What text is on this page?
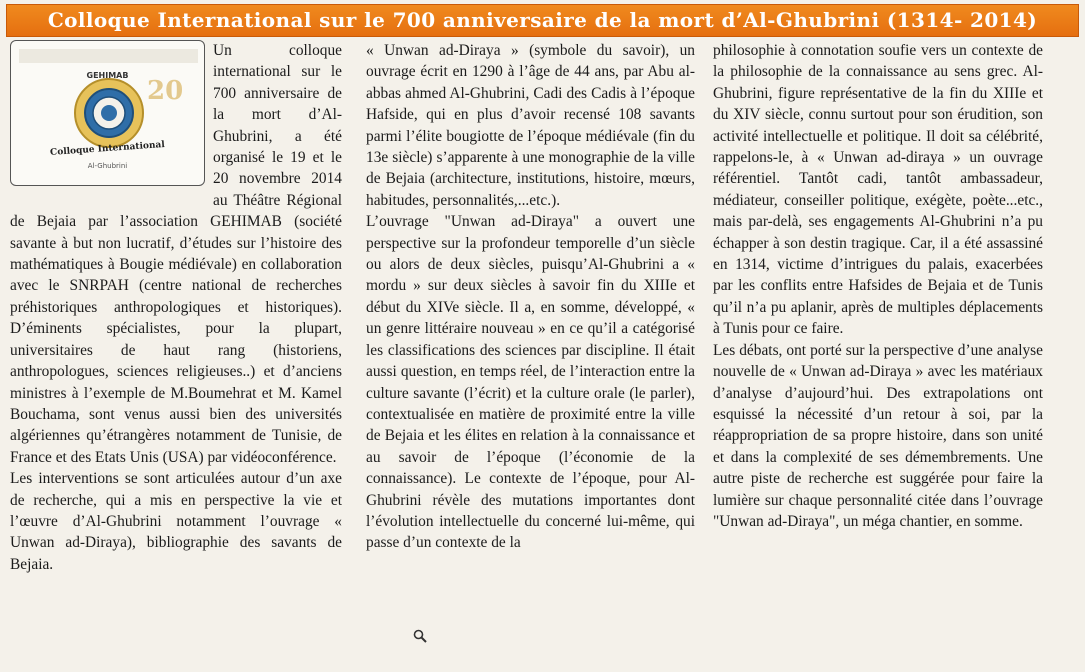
Colloque International sur le 700 anniversaire de la mort d’Al-Ghubrini (1314- 2014)
20
GEHIMAB
Colloque International
Al-Ghubrini

Un colloque international sur le 700 anniversaire de la mort d’Al-Ghubrini, a été organisé le 19 et le 20 novembre 2014 au Théâtre Régional de Bejaia par l’association GEHIMAB (société savante à but non lucratif, d’études sur l’histoire des mathématiques à Bougie médiévale) en collaboration avec le SNRPAH (centre national de recherches préhistoriques anthropologiques et historiques). D’éminents spécialistes, pour la plupart, universitaires de haut rang (historiens, anthropologues, sciences religieuses..) et d’anciens ministres à l’exemple de M.Boumehrat et M. Kamel Bouchama, sont venus aussi bien des universités algériennes qu’étrangères notamment de Tunisie, de France et des Etats Unis (USA) par vidéoconférence.

Les interventions se sont articulées autour d’un axe de recherche, qui a mis en perspective la vie et l’œuvre d’Al-Ghubrini notamment l’ouvrage « Unwan ad-Diraya), bibliographie des savants de Bejaia.

« Unwan ad-Diraya » (symbole du savoir), un ouvrage écrit en 1290 à l’âge de 44 ans, par Abu al-abbas ahmed Al-Ghubrini, Cadi des Cadis à l’époque Hafside, qui en plus d’avoir recensé 108 savants parmi l’élite bougiotte de l’époque médiévale (fin du 13e siècle) s’apparente à une monographie de la ville de Bejaia (architecture, institutions, histoire, mœurs, habitudes, personnalités,...etc.).

L’ouvrage "Unwan ad-Diraya" a ouvert une perspective sur la profondeur temporelle d’un siècle ou alors de deux siècles, puisqu’Al-Ghubrini a « mordu » sur deux siècles à savoir fin du XIIIe et début du XIVe siècle. Il a, en somme, développé, « un genre littéraire nouveau » en ce qu’il a catégorisé les classifications des sciences par discipline. Il était aussi question, en temps réel, de l’interaction entre la culture savante (l’écrit) et la culture orale (le parler), contextualisée en matière de proximité entre la ville de Bejaia et les élites en relation à la connaissance et au savoir de l’époque (l’économie de la connaissance). Le contexte de l’époque, pour Al-Ghubrini révèle des mutations importantes dont l’évolution intellectuelle du concerné lui-même, qui passe d’un contexte de la

philosophie à connotation soufie vers un contexte de la philosophie de la connaissance au sens grec. Al-Ghubrini, figure représentative de la fin du XIIIe et du XIV siècle, connu surtout pour son érudition, son activité intellectuelle et politique. Il doit sa célébrité, rappelons-le, à « Unwan ad-diraya » un ouvrage référentiel. Tantôt cadi, tantôt ambassadeur, médiateur, conseiller politique, exégète, poète...etc., mais par-delà, ses engagements Al-Ghubrini n’a pu échapper à son destin tragique. Car, il a été assassiné en 1314, victime d’intrigues du palais, exacerbées par les conflits entre Hafsides de Bejaia et de Tunis qu’il n’a pu aplanir, après de multiples déplacements à Tunis pour ce faire.

Les débats, ont porté sur la perspective d’une analyse nouvelle de « Unwan ad-Diraya » avec les matériaux d’analyse d’aujourd’hui. Des extrapolations ont esquissé la nécessité d’un retour à soi, par la réappropriation de sa propre histoire, dans son unité et dans la complexité de ses démembrements. Une autre piste de recherche est suggérée pour faire la lumière sur chaque personnalité citée dans l’ouvrage "Unwan ad-Diraya", un méga chantier, en somme.
